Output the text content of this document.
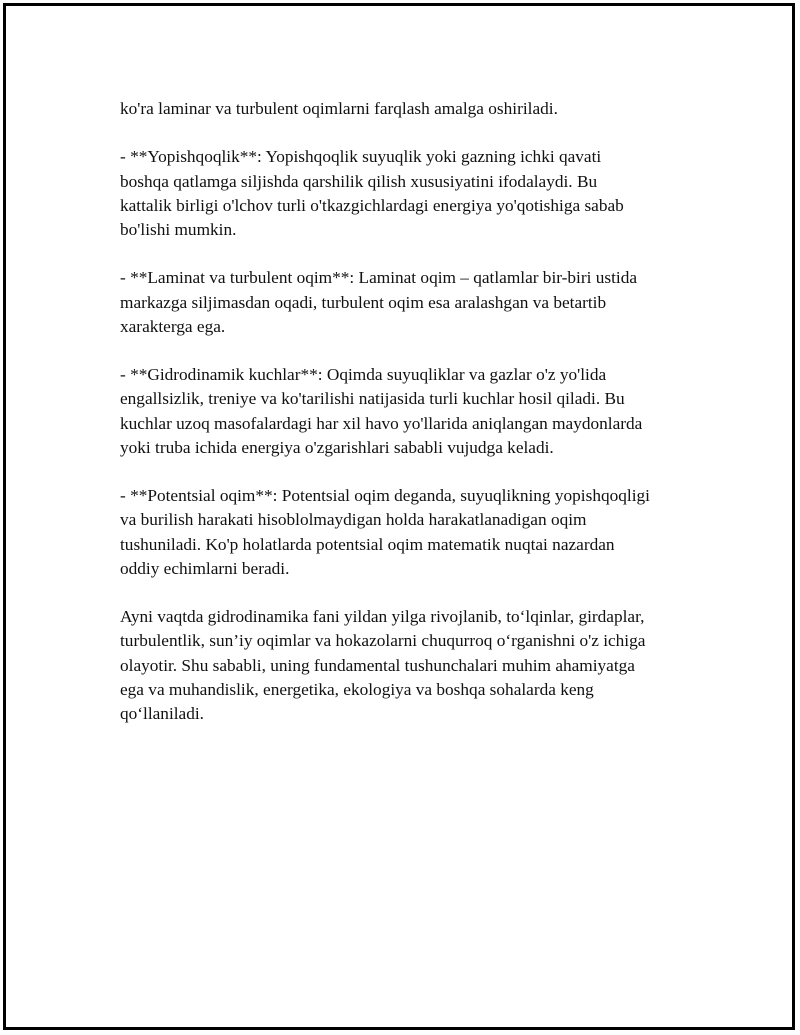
ko'ra laminar va turbulent oqimlarni farqlash amalga oshiriladi.

- **Yopishqoqlik**: Yopishqoqlik suyuqlik yoki gazning ichki qavati
boshqa qatlamga siljishda qarshilik qilish xususiyatini ifodalaydi. Bu
kattalik birligi o'lchov turli o'tkazgichlardagi energiya yo'qotishiga sabab
bo'lishi mumkin.

- **Laminat va turbulent oqim**: Laminat oqim – qatlamlar bir-biri ustida
markazga siljimasdan oqadi, turbulent oqim esa aralashgan va betartib
xarakterga ega.

- **Gidrodinamik kuchlar**: Oqimda suyuqliklar va gazlar o'z yo'lida
engallsizlik, treniye va ko'tarilishi natijasida turli kuchlar hosil qiladi. Bu
kuchlar uzoq masofalardagi har xil havo yo'llarida aniqlangan maydonlarda
yoki truba ichida energiya o'zgarishlari sababli vujudga keladi.

- **Potentsial oqim**: Potentsial oqim deganda, suyuqlikning yopishqoqligi
va burilish harakati hisoblolmaydigan holda harakatlanadigan oqim
tushuniladi. Ko'p holatlarda potentsial oqim matematik nuqtai nazardan
oddiy echimlarni beradi.

Ayni vaqtda gidrodinamika fani yildan yilga rivojlanib, to‘lqinlar, girdaplar,
turbulentlik, sun’iy oqimlar va hokazolarni chuqurroq o‘rganishni o'z ichiga
olayotir. Shu sababli, uning fundamental tushunchalari muhim ahamiyatga
ega va muhandislik, energetika, ekologiya va boshqa sohalarda keng
qo‘llaniladi.
